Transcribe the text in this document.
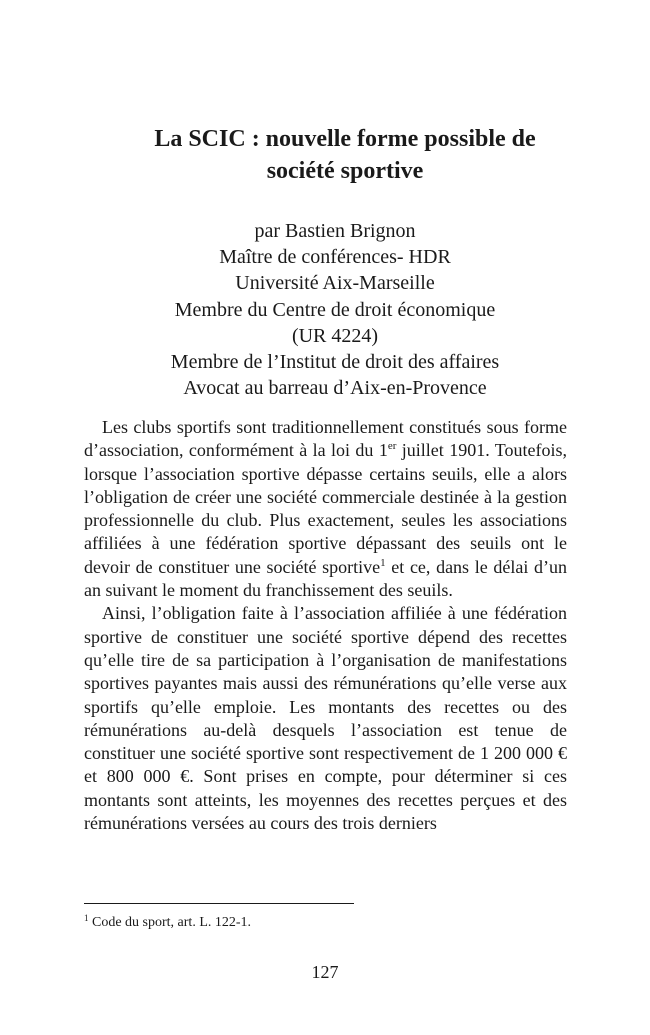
La SCIC : nouvelle forme possible de
société sportive
par Bastien Brignon
Maître de conférences- HDR
Université Aix-Marseille
Membre du Centre de droit économique
(UR 4224)
Membre de l’Institut de droit des affaires
Avocat au barreau d’Aix-en-Provence

Les clubs sportifs sont traditionnellement constitués sous forme d’association, conformément à la loi du 1er juillet 1901. Toutefois, lorsque l’association sportive dépasse certains seuils, elle a alors l’obligation de créer une société commerciale destinée à la gestion professionnelle du club. Plus exactement, seules les associations affiliées à une fédération sportive dépassant des seuils ont le devoir de constituer une société sportive$^1$ et ce, dans le délai d’un an suivant le moment du franchissement des seuils.

Ainsi, l’obligation faite à l’association affiliée à une fédération sportive de constituer une société sportive dépend des recettes qu’elle tire de sa participation à l’organisation de manifestations sportives payantes mais aussi des rémunérations qu’elle verse aux sportifs qu’elle emploie. Les montants des recettes ou des rémunérations au-delà desquels l’association est tenue de constituer une société sportive sont respectivement de 1 200 000 € et 800 000 €. Sont prises en compte, pour déterminer si ces montants sont atteints, les moyennes des recettes perçues et des rémunérations versées au cours des trois derniers

$^1$ Code du sport, art. L. 122-1.
127
